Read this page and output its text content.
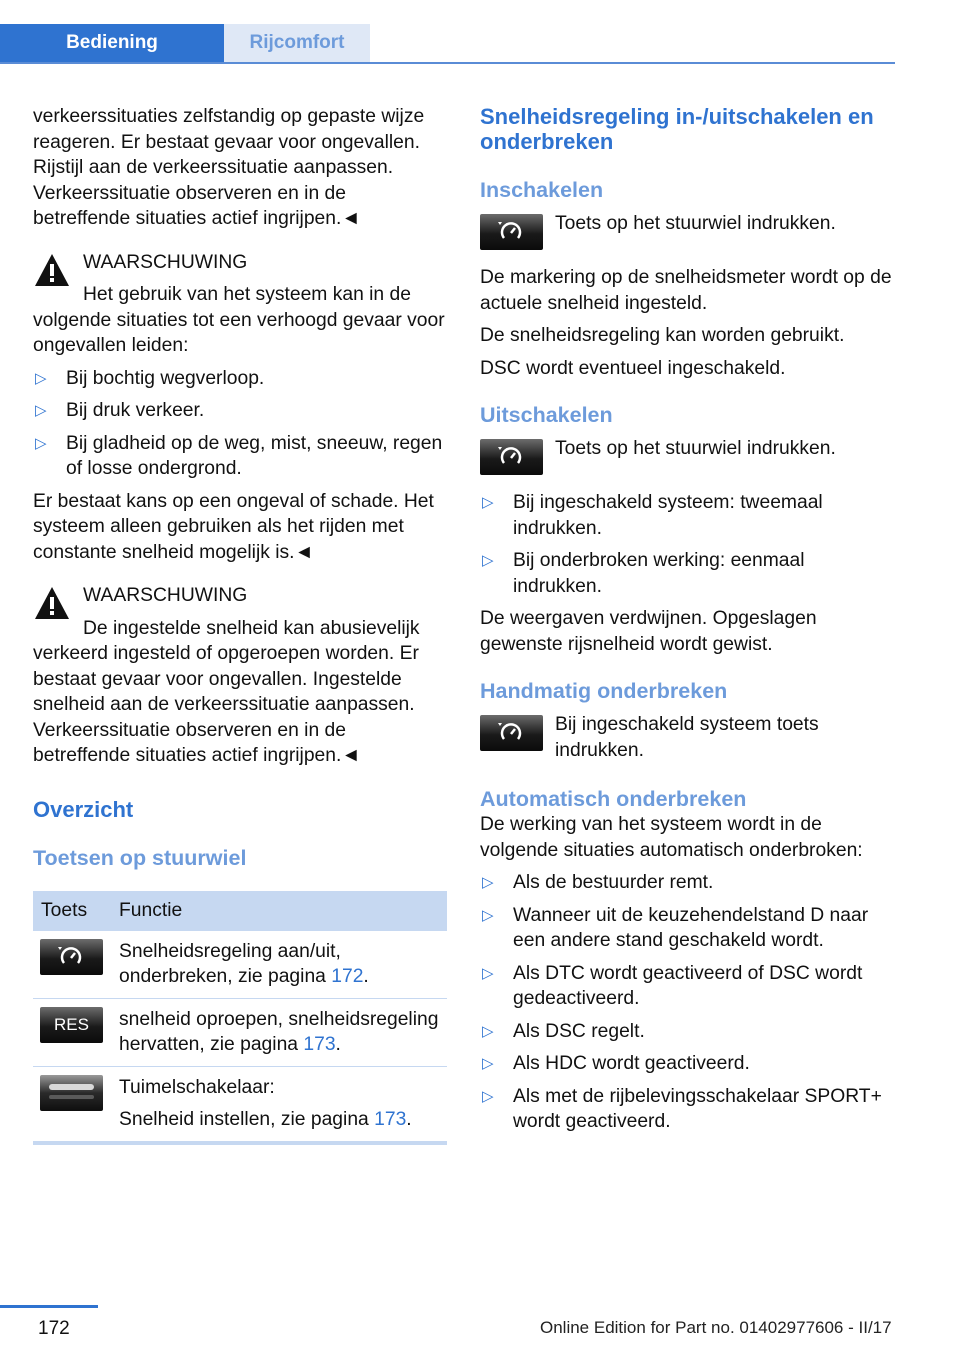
Bediening	Rijcomfort

verkeerssituaties zelfstandig op gepaste wijze reageren. Er bestaat gevaar voor ongevallen. Rijstijl aan de verkeerssituatie aanpassen. Verkeerssituatie observeren en in de betreffende situaties actief ingrijpen.◄

WAARSCHUWING

Het gebruik van het systeem kan in de volgende situaties tot een verhoogd gevaar voor ongevallen leiden:

▷ Bij bochtig wegverloop.
▷ Bij druk verkeer.
▷ Bij gladheid op de weg, mist, sneeuw, regen of losse ondergrond.

Er bestaat kans op een ongeval of schade. Het systeem alleen gebruiken als het rijden met constante snelheid mogelijk is.◄

WAARSCHUWING

De ingestelde snelheid kan abusievelijk verkeerd ingesteld of opgeroepen worden. Er bestaat gevaar voor ongevallen. Ingestelde snelheid aan de verkeerssituatie aanpassen. Verkeerssituatie observeren en in de betreffende situaties actief ingrijpen.◄

Overzicht
Toetsen op stuurwiel
Toets	Functie
	Snelheidsregeling aan/uit, onderbreken, zie pagina 172.
RES	snelheid oproepen, snelheidsregeling hervatten, zie pagina 173.

Tuimelschakelaar:
Snelheid instellen, zie pagina 173.
Snelheidsregeling in-/uitschakelen en onderbreken
Inschakelen
Toets op het stuurwiel indrukken.

De markering op de snelheidsmeter wordt op de actuele snelheid ingesteld.

De snelheidsregeling kan worden gebruikt.

DSC wordt eventueel ingeschakeld.

Uitschakelen
Toets op het stuurwiel indrukken.
▷ Bij ingeschakeld systeem: tweemaal indrukken.
▷ Bij onderbroken werking: eenmaal indrukken.

De weergaven verdwijnen. Opgeslagen gewenste rijsnelheid wordt gewist.

Handmatig onderbreken
Bij ingeschakeld systeem toets indrukken.
Automatisch onderbreken

De werking van het systeem wordt in de volgende situaties automatisch onderbroken:

▷ Als de bestuurder remt.
▷ Wanneer uit de keuzehendelstand D naar een andere stand geschakeld wordt.
▷ Als DTC wordt geactiveerd of DSC wordt gedeactiveerd.
▷ Als DSC regelt.
▷ Als HDC wordt geactiveerd.
▷ Als met de rijbelevingsschakelaar SPORT+ wordt geactiveerd.
172	Online Edition for Part no. 01402977606 - II/17
